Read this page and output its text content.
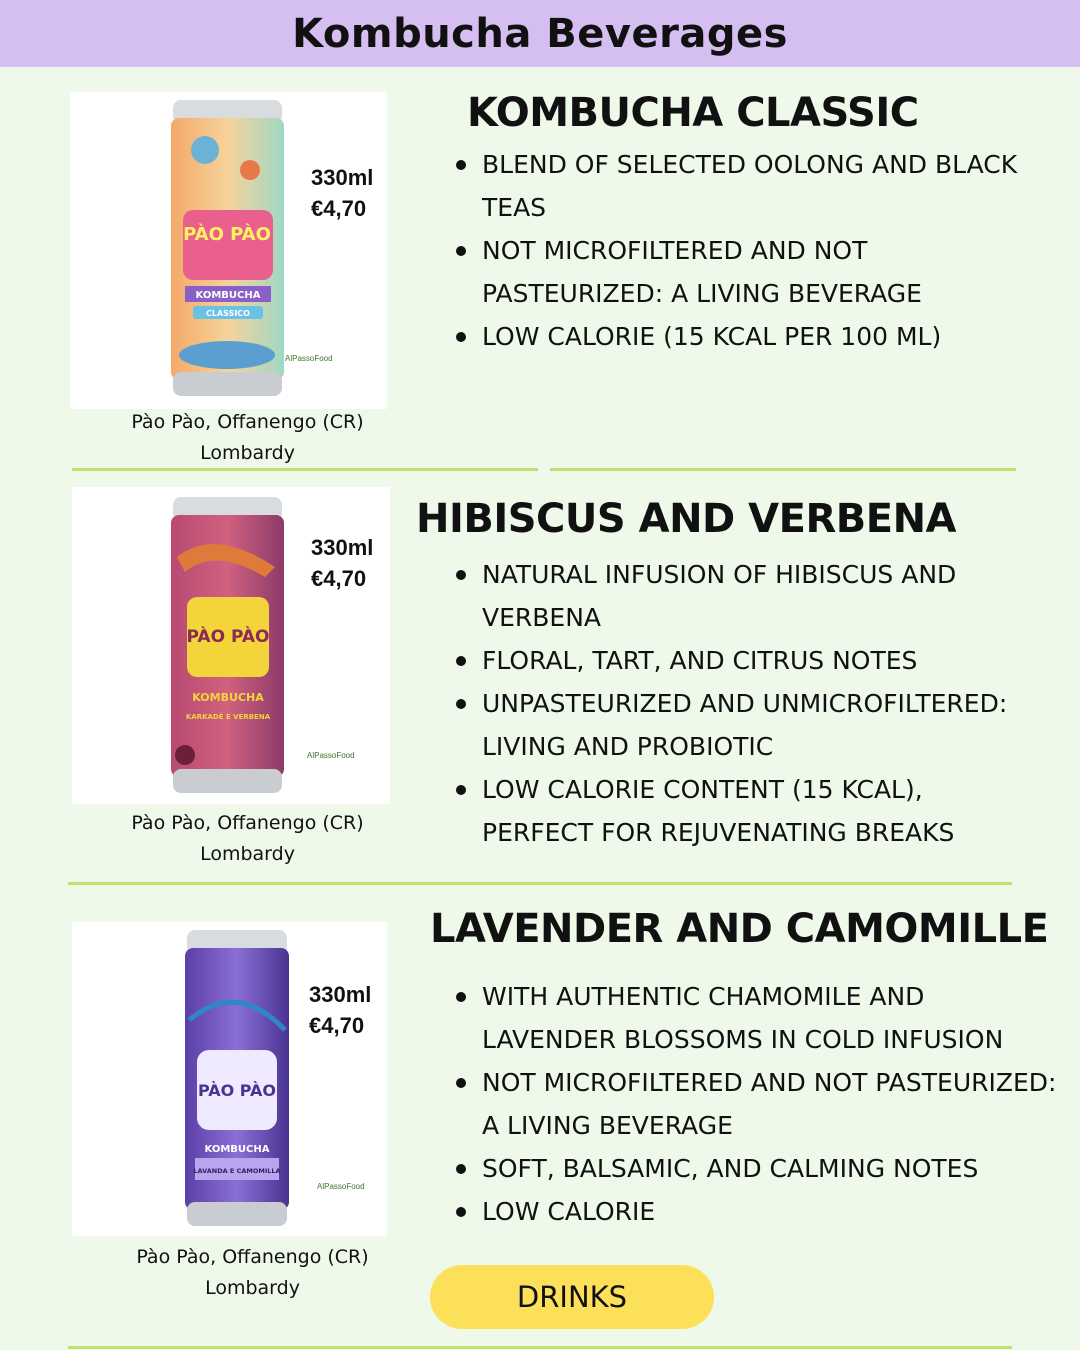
Kombucha Beverages
PÀO PÀO
KOMBUCHA
CLASSICO
330ml
€4,70
AlPassoFood
Pào Pào, Offanengo (CR)
Lombardy
KOMBUCHA CLASSIC
BLEND OF SELECTED OOLONG AND BLACK TEAS
NOT MICROFILTERED AND NOT PASTEURIZED: A LIVING BEVERAGE
LOW CALORIE (15 KCAL PER 100 ML)
PÀO PÀO
KOMBUCHA
KARKADÈ E VERBENA
330ml
€4,70
AlPassoFood
Pào Pào, Offanengo (CR)
Lombardy
HIBISCUS AND VERBENA
NATURAL INFUSION OF HIBISCUS AND VERBENA
FLORAL, TART, AND CITRUS NOTES
UNPASTEURIZED AND UNMICROFILTERED: LIVING AND PROBIOTIC
LOW CALORIE CONTENT (15 KCAL), PERFECT FOR REJUVENATING BREAKS
PÀO PÀO
KOMBUCHA
LAVANDA E CAMOMILLA
330ml
€4,70
AlPassoFood
Pào Pào, Offanengo (CR)
Lombardy
LAVENDER AND CAMOMILLE
WITH AUTHENTIC CHAMOMILE AND LAVENDER BLOSSOMS IN COLD INFUSION
NOT MICROFILTERED AND NOT PASTEURIZED: A LIVING BEVERAGE
SOFT, BALSAMIC, AND CALMING NOTES
LOW CALORIE
DRINKS
